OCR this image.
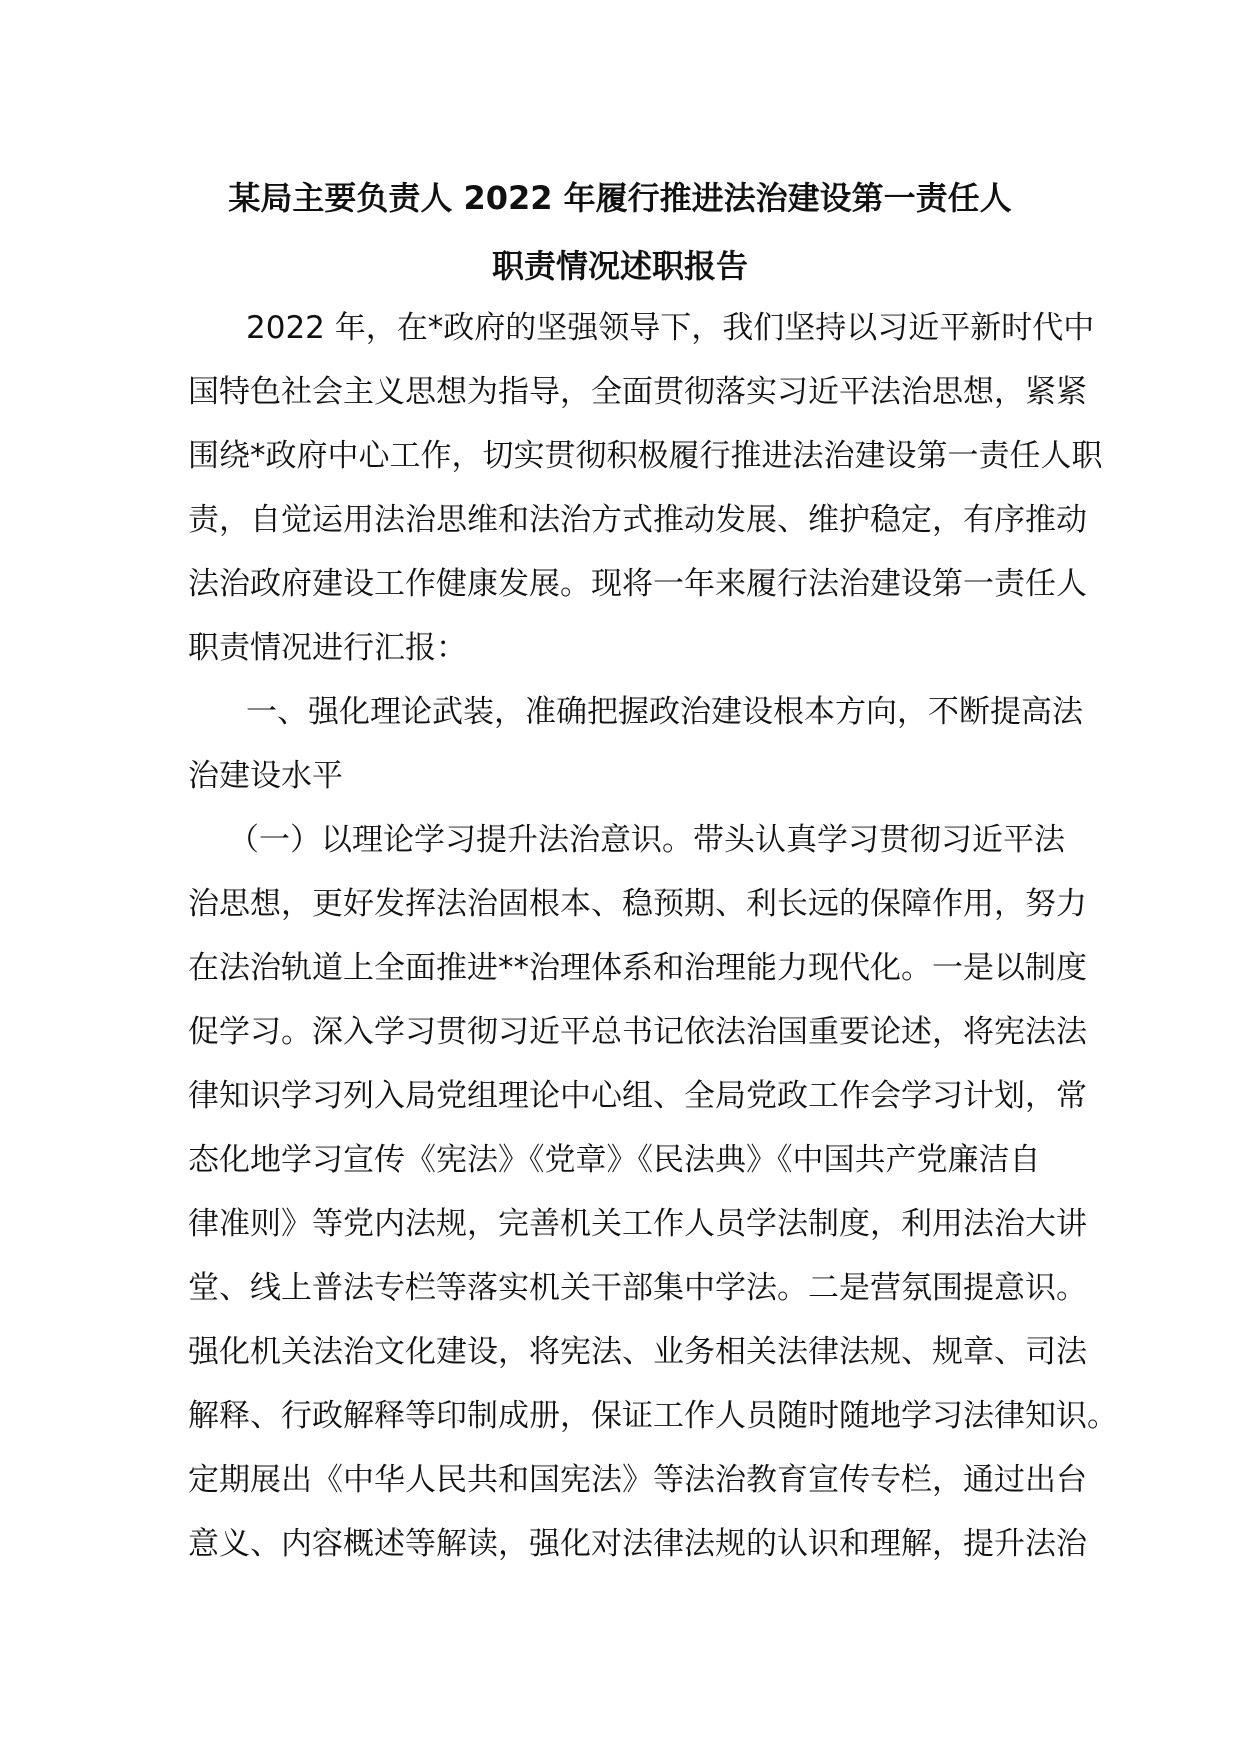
某局主要负责人 2022 年履行推进法治建设第一责任人
职责情况述职报告
2022 年，在*政府的坚强领导下，我们坚持以习近平新时代中
国特色社会主义思想为指导，全面贯彻落实习近平法治思想，紧紧
围绕*政府中心工作，切实贯彻积极履行推进法治建设第一责任人职
责，自觉运用法治思维和法治方式推动发展、维护稳定，有序推动
法治政府建设工作健康发展。现将一年来履行法治建设第一责任人
职责情况进行汇报：
一、强化理论武装，准确把握政治建设根本方向，不断提高法
治建设水平
（一）以理论学习提升法治意识。带头认真学习贯彻习近平法
治思想，更好发挥法治固根本、稳预期、利长远的保障作用，努力
在法治轨道上全面推进**治理体系和治理能力现代化。一是以制度
促学习。深入学习贯彻习近平总书记依法治国重要论述，将宪法法
律知识学习列入局党组理论中心组、全局党政工作会学习计划，常
态化地学习宣传《宪法》《党章》《民法典》《中国共产党廉洁自
律准则》等党内法规，完善机关工作人员学法制度，利用法治大讲
堂、线上普法专栏等落实机关干部集中学法。二是营氛围提意识。
强化机关法治文化建设，将宪法、业务相关法律法规、规章、司法
解释、行政解释等印制成册，保证工作人员随时随地学习法律知识。
定期展出《中华人民共和国宪法》等法治教育宣传专栏，通过出台
意义、内容概述等解读，强化对法律法规的认识和理解，提升法治
